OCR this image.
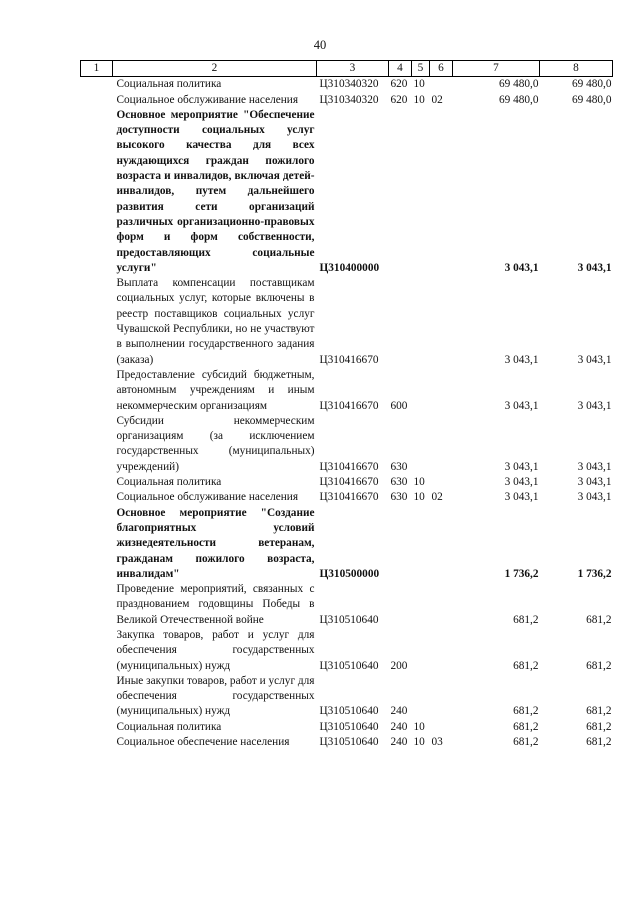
40
1	2	3	4	5	6	7	8
	Социальная политика	Ц310340320	620	10		69 480,0	69 480,0
	Социальное обслуживание населения	Ц310340320	620	10	02	69 480,0	69 480,0
	Основное мероприятие "Обеспечение доступности социальных услуг высокого качества для всех нуждающихся граждан пожилого возраста и инвалидов, включая детей-инвалидов, путем дальнейшего развития сети организаций различных организационно-правовых форм и форм собственности, предоставляющих социальные услуги"	Ц310400000				3 043,1	3 043,1
	Выплата компенсации поставщикам социальных услуг, которые включены в реестр поставщиков социальных услуг Чувашской Республики, но не участвуют в выполнении государственного задания (заказа)	Ц310416670				3 043,1	3 043,1
	Предоставление субсидий бюджетным, автономным учреждениям и иным некоммерческим организациям	Ц310416670	600			3 043,1	3 043,1
	Субсидии некоммерческим организациям (за исключением государственных (муниципальных) учреждений)	Ц310416670	630			3 043,1	3 043,1
	Социальная политика	Ц310416670	630	10		3 043,1	3 043,1
	Социальное обслуживание населения	Ц310416670	630	10	02	3 043,1	3 043,1
	Основное мероприятие "Создание благоприятных условий жизнедеятельности ветеранам, гражданам пожилого возраста, инвалидам"	Ц310500000				1 736,2	1 736,2
	Проведение мероприятий, связанных с празднованием годовщины Победы в Великой Отечественной войне	Ц310510640				681,2	681,2
	Закупка товаров, работ и услуг для обеспечения государственных (муниципальных) нужд	Ц310510640	200			681,2	681,2
	Иные закупки товаров, работ и услуг для обеспечения государственных (муниципальных) нужд	Ц310510640	240			681,2	681,2
	Социальная политика	Ц310510640	240	10		681,2	681,2
	Социальное обеспечение населения	Ц310510640	240	10	03	681,2	681,2
